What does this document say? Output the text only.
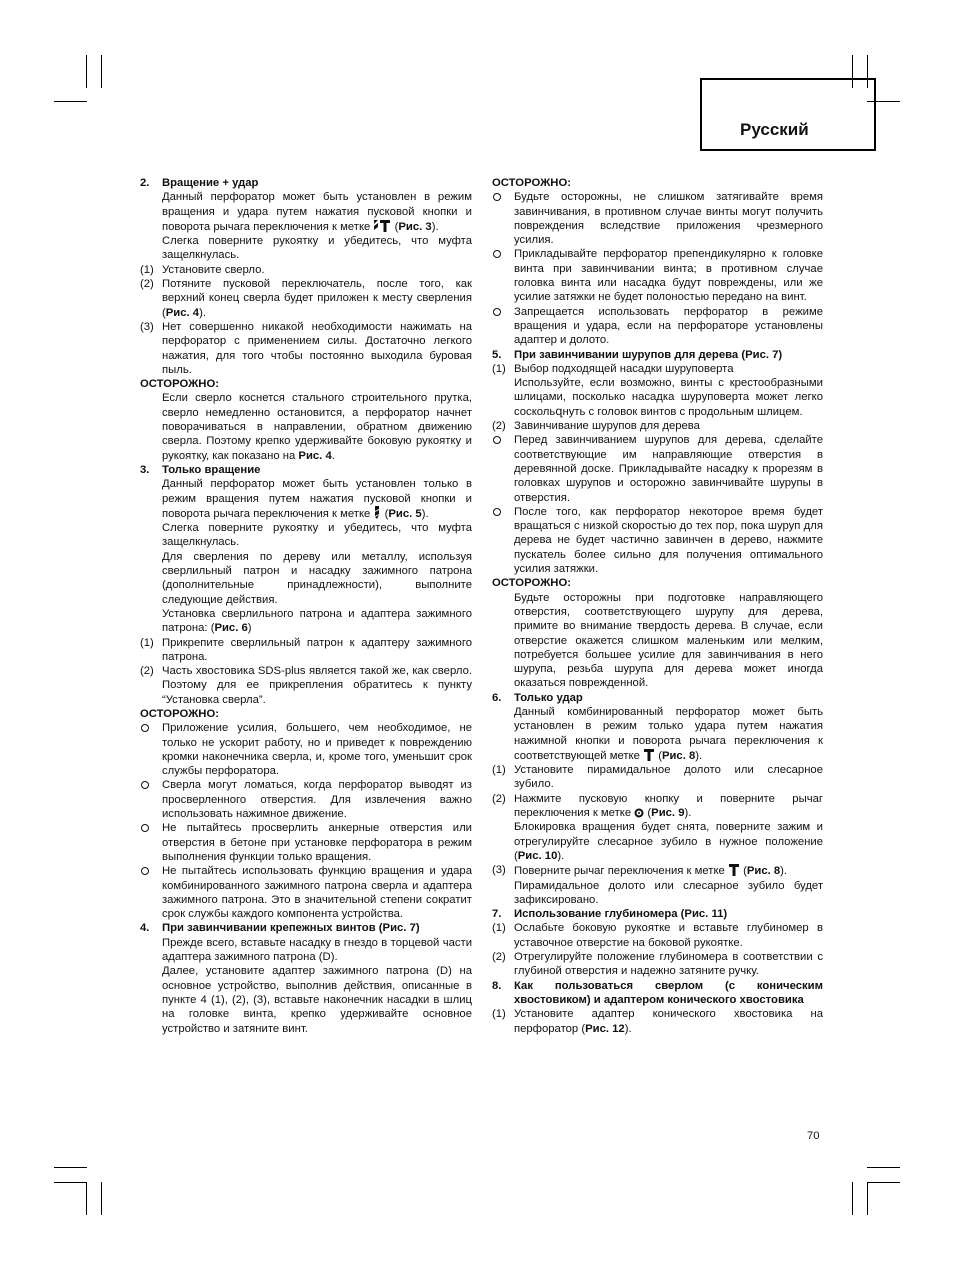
Русский
2. Вращение + удар
Данный перфоратор может быть установлен в режим вращения и удара путем нажатия пусковой кнопки и поворота рычага переключения к метке (Рис. 3).
Слегка поверните рукоятку и убедитесь, что муфта защелкнулась.
(1) Установите сверло.
(2) Потяните пусковой переключатель, после того, как верхний конец сверла будет приложен к месту сверления (Рис. 4).
(3) Нет совершенно никакой необходимости нажимать на перфоратор с применением силы. Достаточно легкого нажатия, для того чтобы постоянно выходила буровая пыль.
ОСТОРОЖНО:
Если сверло коснется стального строительного прутка, сверло немедленно остановится, а перфоратор начнет поворачиваться в направлении, обратном движению сверла. Поэтому крепко удерживайте боковую рукоятку и рукоятку, как показано на Рис. 4.
3. Только вращение
Данный перфоратор может быть установлен только в режим вращения путем нажатия пусковой кнопки и поворота рычага переключения к метке (Рис. 5).
Слегка поверните рукоятку и убедитесь, что муфта защелкнулась.
Для сверления по дереву или металлу, используя сверлильный патрон и насадку зажимного патрона (дополнительные принадлежности), выполните следующие действия.
Установка сверлильного патрона и адаптера зажимного патрона: (Рис. 6)
(1) Прикрепите сверлильный патрон к адаптеру зажимного патрона.
(2) Часть хвостовика SDS-plus является такой же, как сверло. Поэтому для ее прикрепления обратитесь к пункту “Установка сверла”.
ОСТОРОЖНО:
Приложение усилия, большего, чем необходимое, не только не ускорит работу, но и приведет к повреждению кромки наконечника сверла, и, кроме того, уменьшит срок службы перфоратора.
Сверла могут ломаться, когда перфоратор выводят из просверленного отверстия. Для извлечения важно использовать нажимное движение.
Не пытайтесь просверлить анкерные отверстия или отверстия в бетоне при установке перфоратора в режим выполнения функции только вращения.
Не пытайтесь использовать функцию вращения и удара комбинированного зажимного патрона сверла и адаптера зажимного патрона. Это в значительной степени сократит срок службы каждого компонента устройства.
4. При завинчивании крепежных винтов (Рис. 7)
Прежде всего, вставьте насадку в гнездо в торцевой части адаптера зажимного патрона (D).
Далее, установите адаптер зажимного патрона (D) на основное устройство, выполнив действия, описанные в пункте 4 (1), (2), (3), вставьте наконечник насадки в шлиц на головке винта, крепко удерживайте основное устройство и затяните винт.
ОСТОРОЖНО:
Будьте осторожны, не слишком затягивайте время завинчивания, в противном случае винты могут получить повреждения вследствие приложения чрезмерного усилия.
Прикладывайте перфоратор препендикулярно к головке винта при завинчивании винта; в противном случае головка винта или насадка будут повреждены, или же усилие затяжки не будет полоностью передано на винт.
Запрещается использовать перфоратор в режиме вращения и удара, если на перфораторе установлены адаптер и долото.
5. При завинчивании шурупов для дерева (Рис. 7)
(1) Выбор подходящей насадки шуруповерта
Используйте, если возможно, винты с крестообразными шлицами, посколько насадка шуруповерта может легко соскольզнуть с головок винтов с продольным шлицем.
(2) Завинчивание шурупов для дерева
Перед завинчиванием шурупов для дерева, сделайте соответствующие им направляющие отверстия в деревянной доске. Прикладывайте насадку к прорезям в головках шурупов и осторожно завинчивайте шурупы в отверстия.
После того, как перфоратор некоторое время будет вращаться с низкой скоростью до тех пор, пока шуруп для дерева не будет частично завинчен в дерево, нажмите пускатель более сильно для получения оптимального усилия затяжки.
ОСТОРОЖНО:
Будьте осторожны при подготовке направляющего отверстия, соответствующего шурупу для дерева, примите во внимание твердость дерева. В случае, если отверстие окажется слишком маленьким или мелким, потребуется большее усилие для завинчивания в него шурупа, резьба шурупа для дерева может иногда оказаться поврежденной.
6. Только удар
Данный комбинированный перфоратор может быть установлен в режим только удара путем нажатия нажимной кнопки и поворота рычага переключения к соответствующей метке (Рис. 8).
(1) Установите пирамидальное долото или слесарное зубило.
(2) Нажмите пусковую кнопку и поверните рычаг переключения к метке (Рис. 9).
Блокировка вращения будет снята, поверните зажим и отрегулируйте слесарное зубило в нужное положение (Рис. 10).
(3) Поверните рычаг переключения к метке (Рис. 8).
Пирамидальное долото или слесарное зубило будет зафиксировано.
7. Использование глубиномера (Рис. 11)
(1) Ослабьте боковую рукоятке и вставьте глубиномер в уставочное отверстие на боковой рукоятке.
(2) Отрегулируйте положение глубиномера в соответствии с глубиной отверстия и надежно затяните ручку.
8. Как пользоваться сверлом (с коническим хвостовиком) и адаптером конического хвостовика
(1) Установите адаптер конического хвостовика на перфоратор (Рис. 12).
70
